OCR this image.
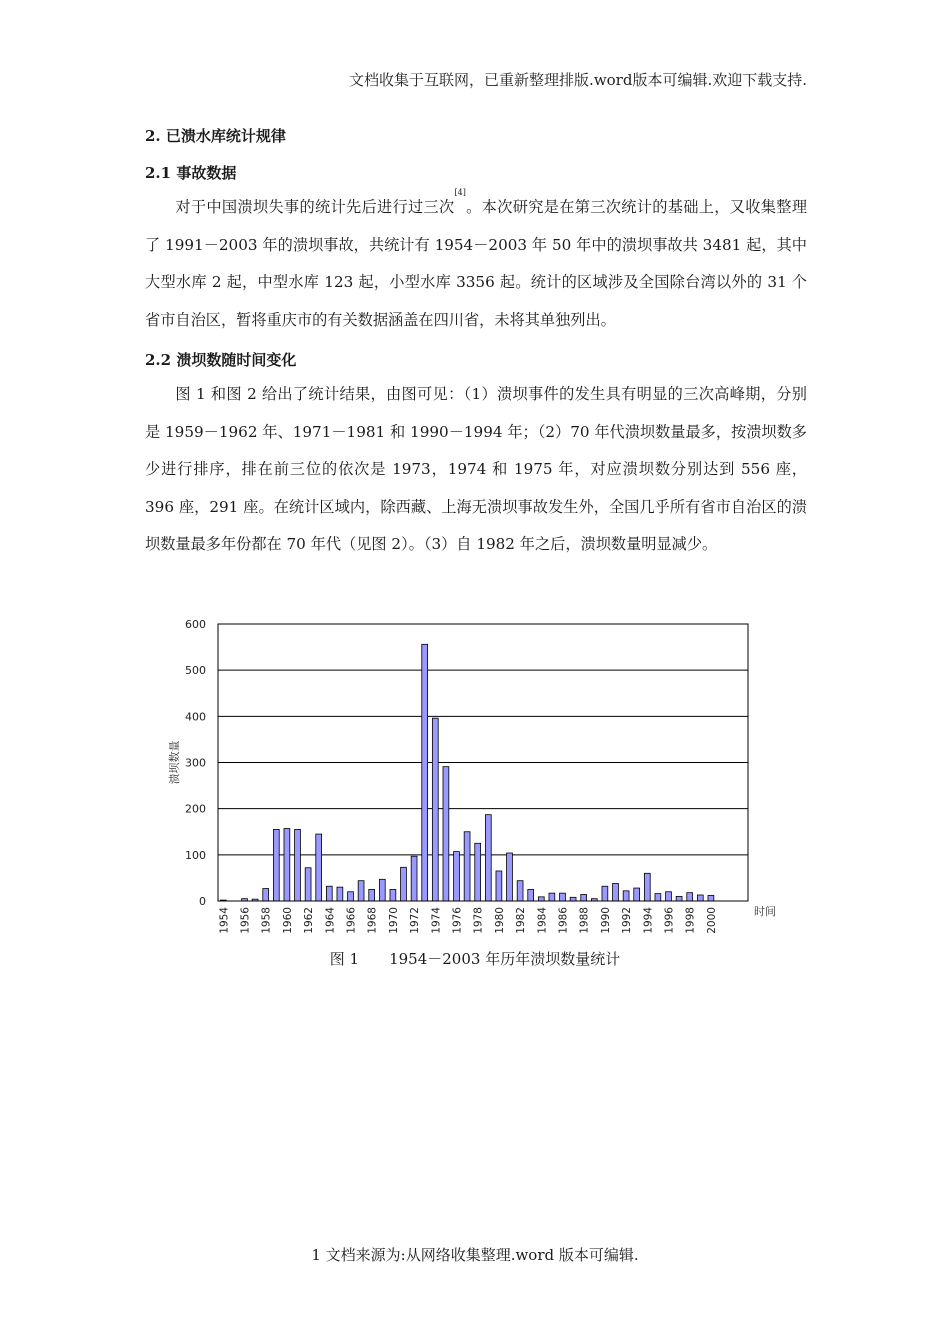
文档收集于互联网，已重新整理排版.word版本可编辑.欢迎下载支持.
2. 已溃水库统计规律
2.1 事故数据

对于中国溃坝失事的统计先后进行过三次[4]。本次研究是在第三次统计的基础上，又收集整理了 1991－2003 年的溃坝事故，共统计有 1954－2003 年 50 年中的溃坝事故共 3481 起，其中大型水库 2 起，中型水库 123 起，小型水库 3356 起。统计的区域涉及全国除台湾以外的 31 个省市自治区，暂将重庆市的有关数据涵盖在四川省，未将其单独列出。

2.2 溃坝数随时间变化

图 1 和图 2 给出了统计结果，由图可见：（1）溃坝事件的发生具有明显的三次高峰期，分别是 1959－1962 年、1971－1981 和 1990－1994 年；（2）70 年代溃坝数量最多，按溃坝数多少进行排序，排在前三位的依次是 1973，1974 和 1975 年，对应溃坝数分别达到 556 座， 396 座，291 座。在统计区域内，除西藏、上海无溃坝事故发生外，全国几乎所有省市自治区的溃坝数量最多年份都在 70 年代（见图 2）。（3）自 1982 年之后，溃坝数量明显减少。

0
100
200
300
400
500
600
1954 1956 1958 1960 1962 1964 1966 1968 1970 1972 1974 1976 1978 1980 1982 1984 1986 1988 1990 1992 1994 1996 1998 2000
溃坝数量
时间
图 1　　1954－2003 年历年溃坝数量统计
1 文档来源为:从网络收集整理.word 版本可编辑.
